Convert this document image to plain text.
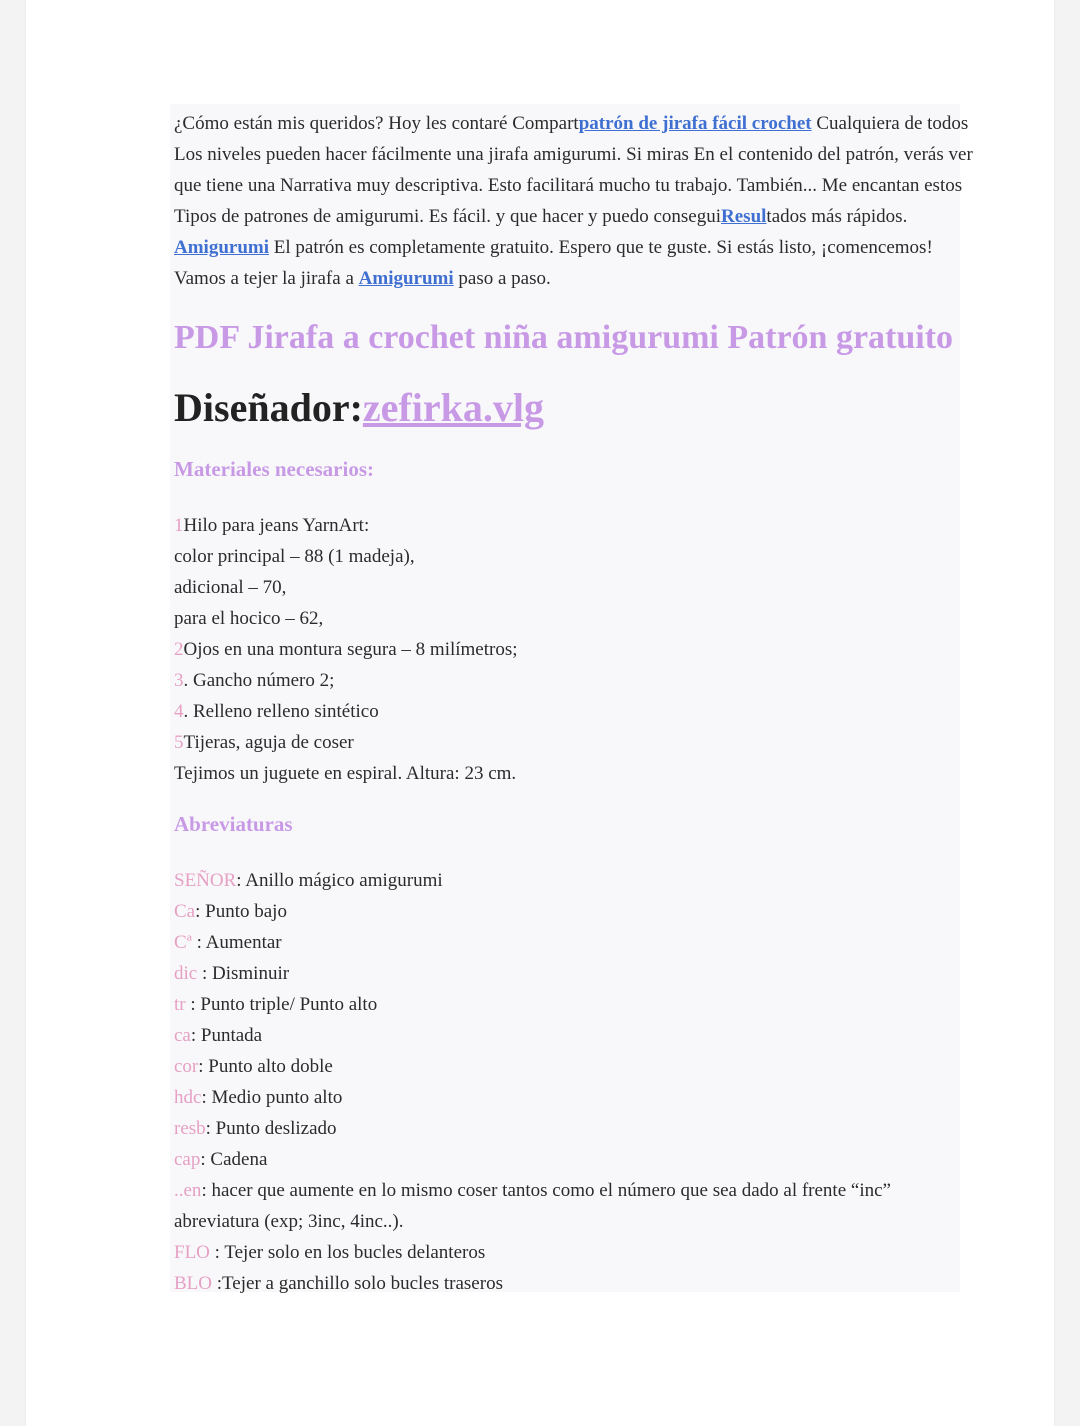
¿Cómo están mis queridos? Hoy les contaré Compartpatrón de jirafa fácil crochet Cualquiera de todos

Los niveles pueden hacer fácilmente una jirafa amigurumi. Si miras En el contenido del patrón, verás ver

que tiene una Narrativa muy descriptiva. Esto facilitará mucho tu trabajo. También... Me encantan estos

Tipos de patrones de amigurumi. Es fácil. y que hacer y puedo conseguiResultados más rápidos.

Amigurumi El patrón es completamente gratuito. Espero que te guste. Si estás listo, ¡comencemos!

Vamos a tejer la jirafa a Amigurumi paso a paso.

PDF Jirafa a crochet niña amigurumi Patrón gratuito
Diseñador:zefirka.vlg
Materiales necesarios:
1Hilo para jeans YarnArt:
color principal – 88 (1 madeja),
adicional – 70,
para el hocico – 62,
2Ojos en una montura segura – 8 milímetros;
3. Gancho número 2;
4. Relleno relleno sintético
5Tijeras, aguja de coser
Tejimos un juguete en espiral. Altura: 23 cm.
Abreviaturas
SEÑOR: Anillo mágico amigurumi
Ca: Punto bajo
Cª : Aumentar
dic : Disminuir
tr : Punto triple/ Punto alto
ca: Puntada
cor: Punto alto doble
hdc: Medio punto alto
resb: Punto deslizado
cap: Cadena
..en: hacer que aumente en lo mismo coser tantos como el número que sea dado al frente “inc”
abreviatura (exp; 3inc, 4inc..).
FLO : Tejer solo en los bucles delanteros
BLO :Tejer a ganchillo solo bucles traseros
